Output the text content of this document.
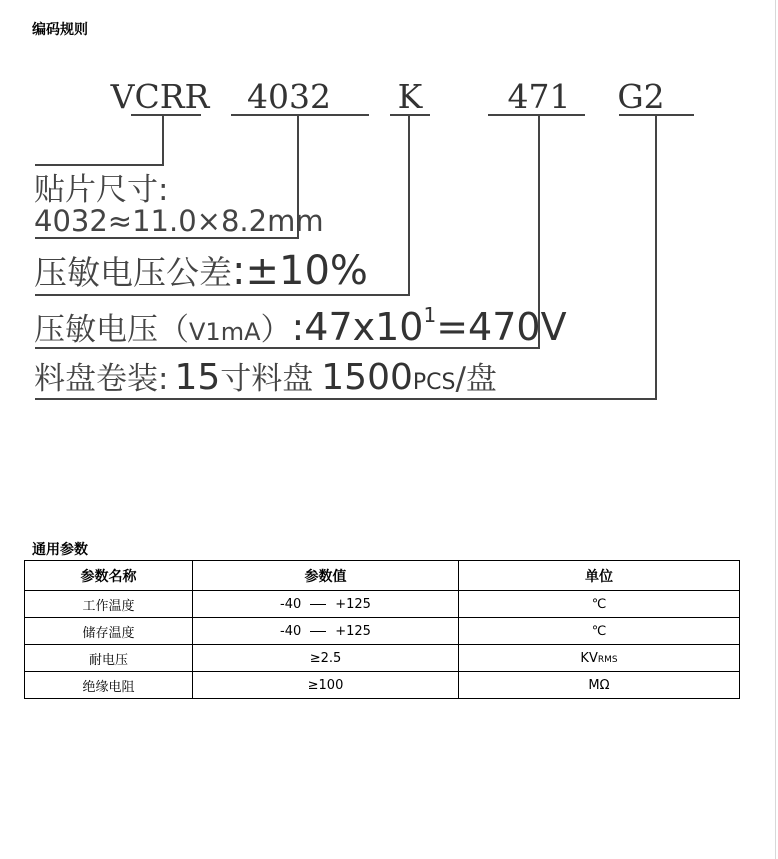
编码规则
VCRR 4032 K	471 G2
贴片尺寸:
4032≈11.0×8.2mm
压敏电压公差:±10%
压敏电压（V1mA）:47x101=470V
料盘卷装: 15寸料盘 1500PCS/盘
通用参数
参数名称	参数值	单位
工作温度	-40 +125	℃
储存温度	-40 +125	℃
耐电压	≥2.5	KVRMS
绝缘电阻	≥100	MΩ
